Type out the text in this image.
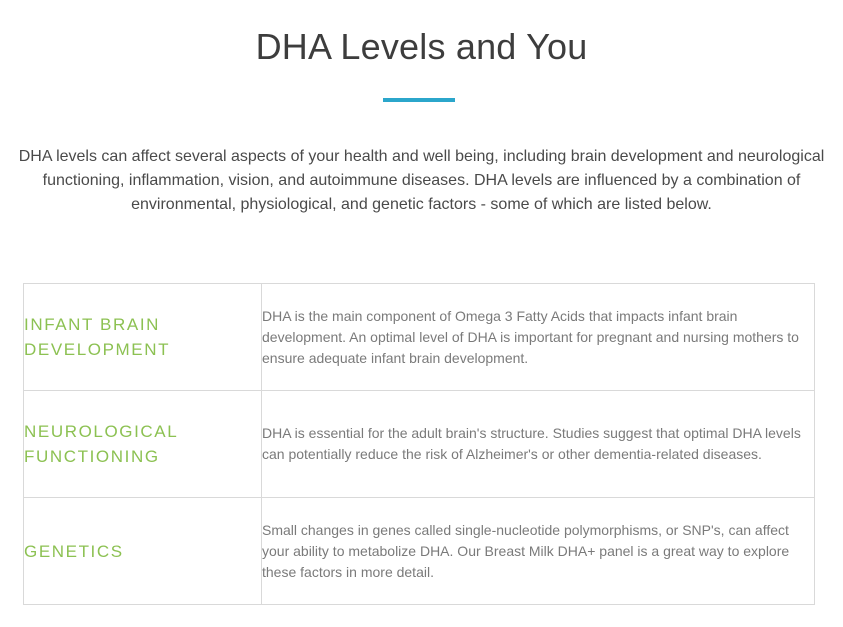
DHA Levels and You

DHA levels can affect several aspects of your health and well being, including brain development and neurological functioning, inflammation, vision, and autoimmune diseases. DHA levels are influenced by a combination of environmental, physiological, and genetic factors - some of which are listed below.

INFANT BRAIN DEVELOPMENT	DHA is the main component of Omega 3 Fatty Acids that impacts infant brain development. An optimal level of DHA is important for pregnant and nursing mothers to ensure adequate infant brain development.
NEUROLOGICAL FUNCTIONING	DHA is essential for the adult brain's structure. Studies suggest that optimal DHA levels can potentially reduce the risk of Alzheimer's or other dementia-related diseases.
GENETICS	Small changes in genes called single-nucleotide polymorphisms, or SNP's, can affect your ability to metabolize DHA. Our Breast Milk DHA+ panel is a great way to explore these factors in more detail.
